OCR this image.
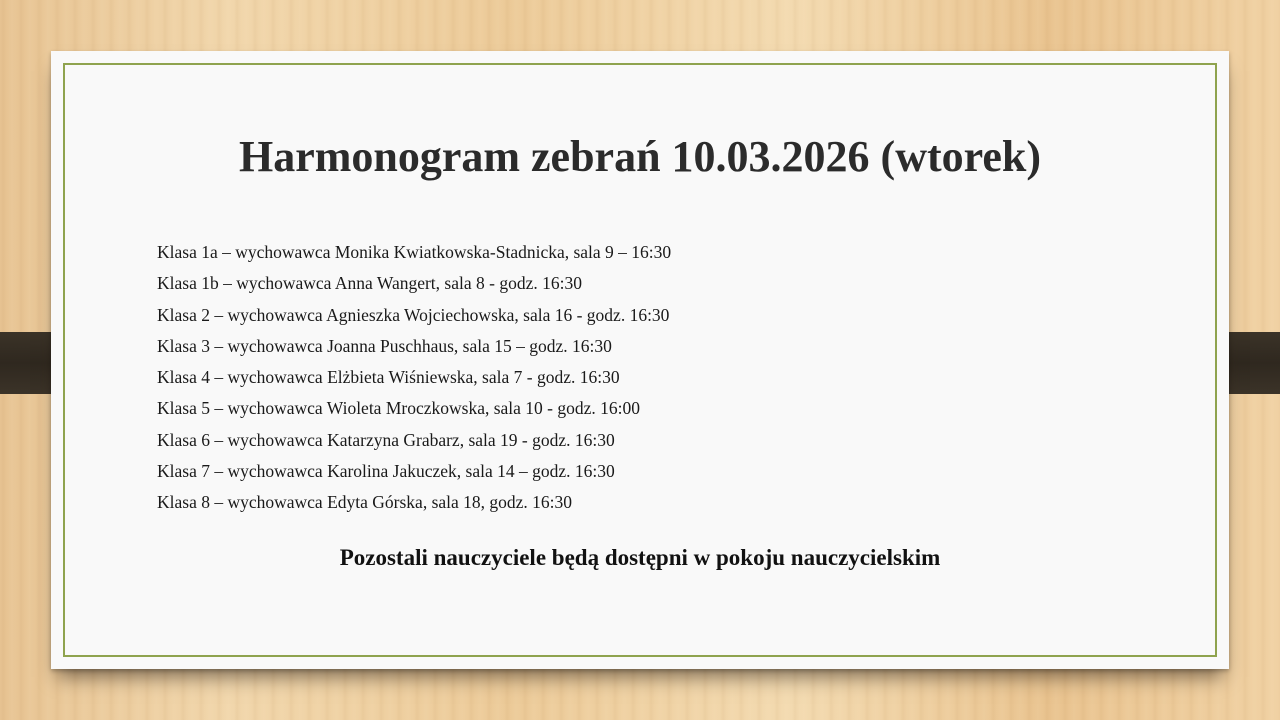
Harmonogram zebrań 10.03.2026 (wtorek)
Klasa 1a – wychowawca Monika Kwiatkowska-Stadnicka, sala 9 – 16:30
Klasa 1b – wychowawca Anna Wangert, sala 8 - godz. 16:30
Klasa 2 – wychowawca Agnieszka Wojciechowska, sala 16 - godz. 16:30
Klasa 3 – wychowawca Joanna Puschhaus, sala 15 – godz. 16:30
Klasa 4 – wychowawca Elżbieta Wiśniewska, sala 7 - godz. 16:30
Klasa 5 – wychowawca Wioleta Mroczkowska, sala 10 - godz. 16:00
Klasa 6 – wychowawca Katarzyna Grabarz, sala 19 - godz. 16:30
Klasa 7 – wychowawca Karolina Jakuczek, sala 14 – godz. 16:30
Klasa 8 – wychowawca Edyta Górska, sala 18, godz. 16:30

Pozostali nauczyciele będą dostępni w pokoju nauczycielskim
